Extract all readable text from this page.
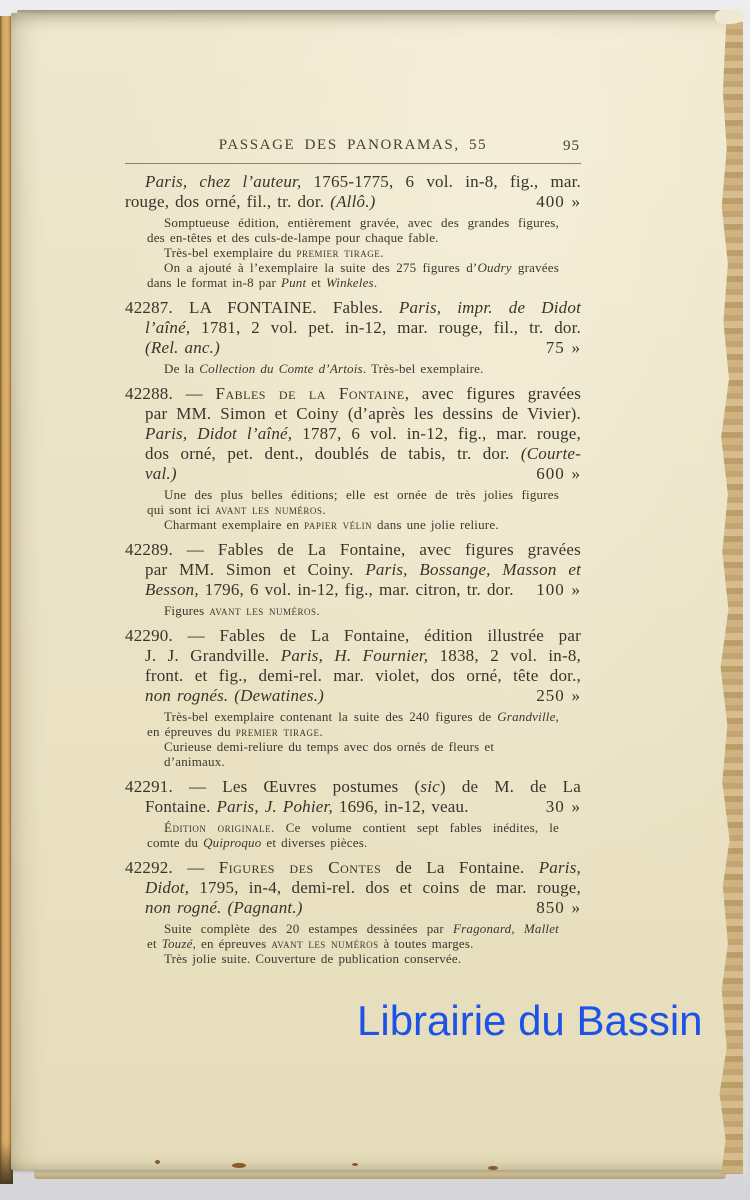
PASSAGE DES PANORAMAS, 55	95
Paris, chez l’auteur, 1765-1775, 6 vol. in-8, fig., mar.
rouge, dos orné, fil., tr. dor. (Allô.)	400 »
Somptueuse édition, entièrement gravée, avec des grandes figures,
des en-têtes et des culs-de-lampe pour chaque fable.
Très-bel exemplaire du premier tirage.
On a ajouté à l’exemplaire la suite des 275 figures d’Oudry gravées
dans le format in-8 par Punt et Winkeles.
42287. LA FONTAINE. Fables. Paris, impr. de Didot
l’aîné, 1781, 2 vol. pet. in-12, mar. rouge, fil., tr. dor.
(Rel. anc.)	75 »
De la Collection du Comte d’Artois. Très-bel exemplaire.
42288. — Fables de la Fontaine, avec figures gravées
par MM. Simon et Coiny (d’après les dessins de Vivier).
Paris, Didot l’aîné, 1787, 6 vol. in-12, fig., mar. rouge,
dos orné, pet. dent., doublés de tabis, tr. dor. (Courte-
val.)	600 »
Une des plus belles éditions; elle est ornée de très jolies figures
qui sont ici avant les numéros.
Charmant exemplaire en papier vélin dans une jolie reliure.
42289. — Fables de La Fontaine, avec figures gravées
par MM. Simon et Coiny. Paris, Bossange, Masson et
Besson, 1796, 6 vol. in-12, fig., mar. citron, tr. dor. 100 »
Figures avant les numéros.
42290. — Fables de La Fontaine, édition illustrée par
J. J. Grandville. Paris, H. Fournier, 1838, 2 vol. in-8,
front. et fig., demi-rel. mar. violet, dos orné, tête dor.,
non rognés. (Dewatines.)	250 »
Très-bel exemplaire contenant la suite des 240 figures de Grandville,
en épreuves du premier tirage.
Curieuse demi-reliure du temps avec dos ornés de fleurs et d’animaux.
42291. — Les Œuvres postumes (sic) de M. de La
Fontaine. Paris, J. Pohier, 1696, in-12, veau.	30 »
Édition originale. Ce volume contient sept fables inédites, le
comte du Quiproquo et diverses pièces.
42292. — Figures des Contes de La Fontaine. Paris,
Didot, 1795, in-4, demi-rel. dos et coins de mar. rouge,
non rogné. (Pagnant.)	850 »
Suite complète des 20 estampes dessinées par Fragonard, Mallet
et Touzé, en épreuves avant les numéros à toutes marges.
Très jolie suite. Couverture de publication conservée.
Librairie du Bassin
